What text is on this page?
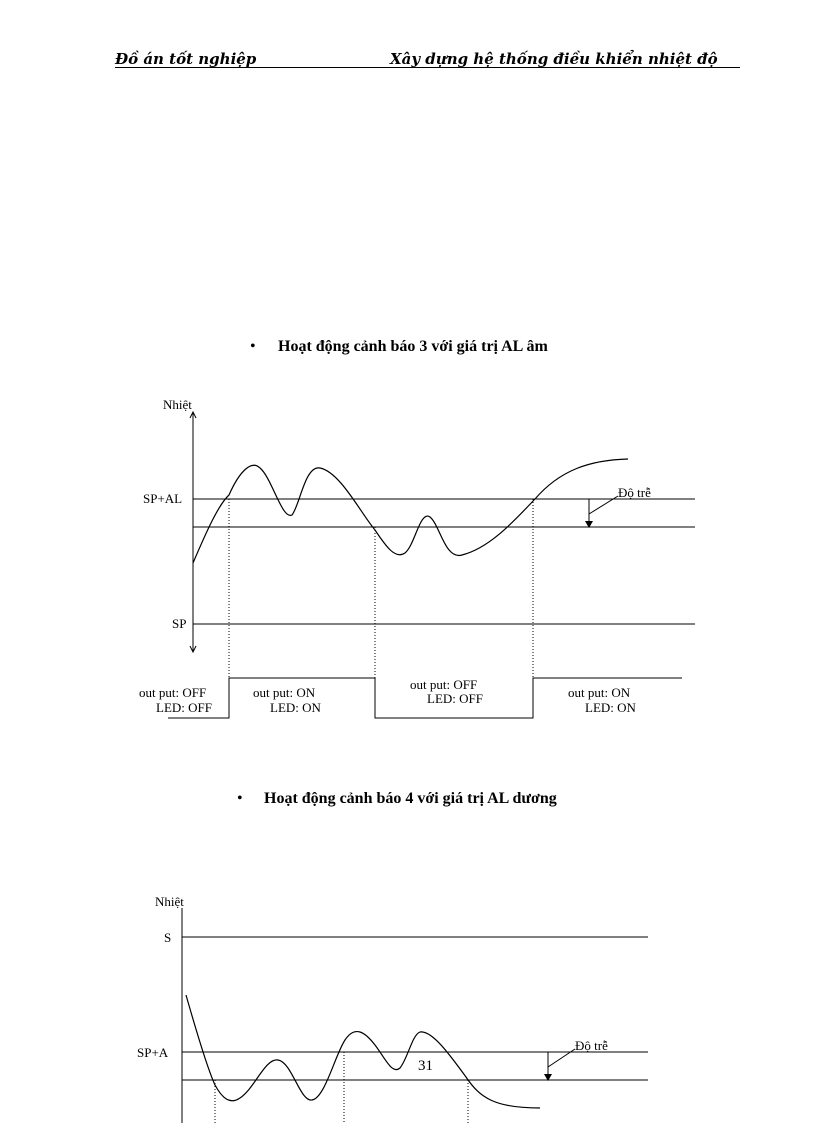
Đồ án tốt nghiệp	Xây dựng hệ thống điều khiển nhiệt độ
• Hoạt động cảnh báo 3 với giá trị AL âm
• Hoạt động cảnh báo 4 với giá trị AL dương
Nhiệt
SP+AL
SP
Độ trễ
out put: OFF
LED: OFF
out put: ON
LED: ON
out put: OFF
LED: OFF	out put: ON
LED: ON
Nhiệt
S
SP+A	Độ trễ
31
